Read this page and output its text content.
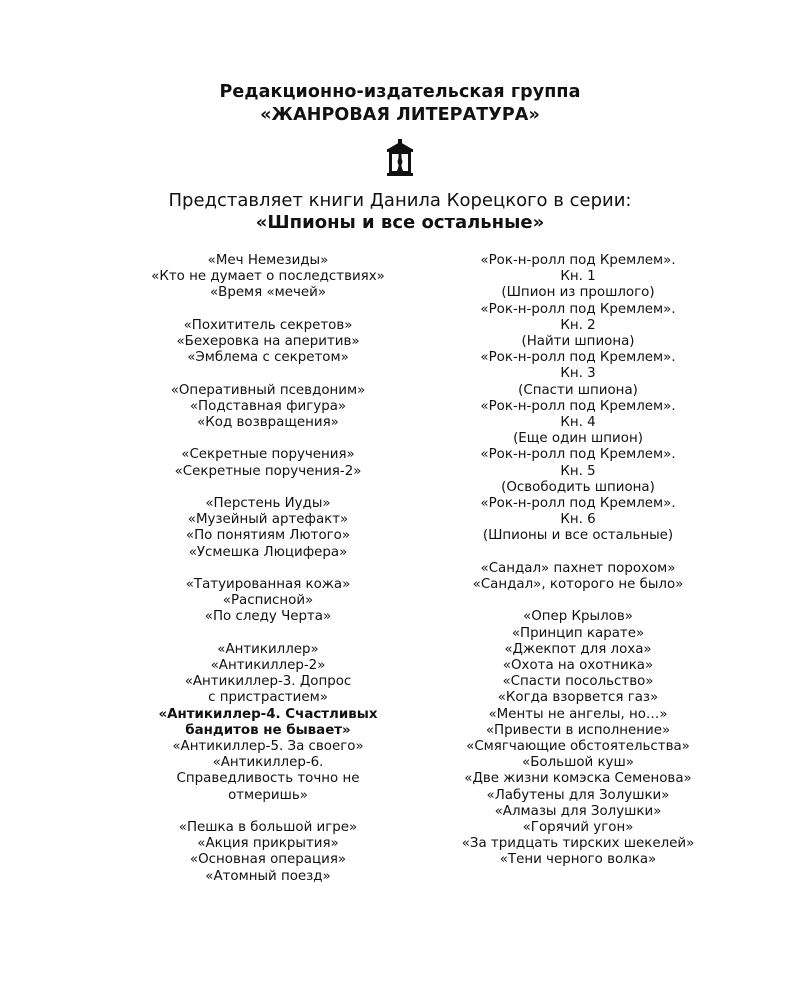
Редакционно-издательская группа

«ЖАНРОВАЯ ЛИТЕРАТУРА»

Представляет книги Данила Корецкого в серии:

«Шпионы и все остальные»

«Меч Немезиды»

«Кто не думает о последствиях»

«Время «мечей»

«Похититель секретов»

«Бехеровка на аперитив»

«Эмблема с секретом»

«Оперативный псевдоним»

«Подставная фигура»

«Код возвращения»

«Секретные поручения»

«Секретные поручения-2»

«Перстень Иуды»

«Музейный артефакт»

«По понятиям Лютого»

«Усмешка Люцифера»

«Татуированная кожа»

«Расписной»

«По следу Черта»

«Антикиллер»

«Антикиллер-2»

«Антикиллер-3. Допрос

с пристрастием»

«Антикиллер-4. Счастливых

бандитов не бывает»

«Антикиллер-5. За своего»

«Антикиллер-6.

Справедливость точно не

отмеришь»

«Пешка в большой игре»

«Акция прикрытия»

«Основная операция»

«Атомный поезд»

«Рок-н-ролл под Кремлем».

Кн. 1

(Шпион из прошлого)

«Рок-н-ролл под Кремлем».

Кн. 2

(Найти шпиона)

«Рок-н-ролл под Кремлем».

Кн. 3

(Спасти шпиона)

«Рок-н-ролл под Кремлем».

Кн. 4

(Еще один шпион)

«Рок-н-ролл под Кремлем».

Кн. 5

(Освободить шпиона)

«Рок-н-ролл под Кремлем».

Кн. 6

(Шпионы и все остальные)

«Сандал» пахнет порохом»

«Сандал», которого не было»

«Опер Крылов»

«Принцип карате»

«Джекпот для лоха»

«Охота на охотника»

«Спасти посольство»

«Когда взорвется газ»

«Менты не ангелы, но…»

«Привести в исполнение»

«Смягчающие обстоятельства»

«Большой куш»

«Две жизни комэска Семенова»

«Лабутены для Золушки»

«Алмазы для Золушки»

«Горячий угон»

«За тридцать тирских шекелей»

«Тени черного волка»
